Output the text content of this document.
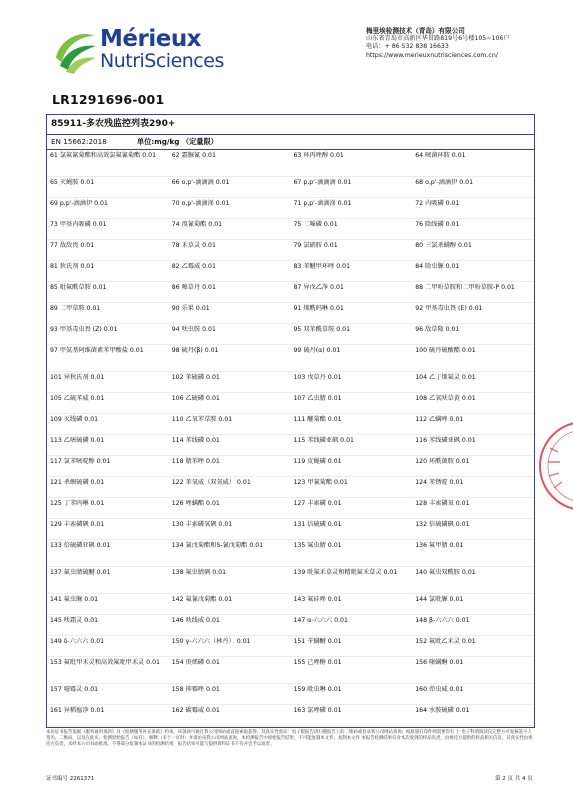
Mérieux
NutriSciences
梅里埃检测技术（青岛）有限公司
山东省青岛市高新区华贯路819号6号楼105~106户
电话：+ 86 532 838 16633
https://www.merieuxnutrisciences.com.cn/
LR1291696-001
85911-多农残监控列表290+
EN 15662:2018	单位:mg/kg （定量限）
61 氯氟氰菊酯和高效氯氟氰菊酯 0.01	62 霜脲氰 0.01	63 环丙唑醇 0.01	64 嘧菌环胺 0.01
65 灭蝇胺 0.01	66 o,p'-滴滴滴 0.01	67 p,p'-滴滴滴 0.01	68 o,p'-滴滴伊 0.01
69 p,p'-滴滴伊 0.01	70 o,p'-滴滴涕 0.01	71 p,p'-滴滴涕 0.01	72 内吸磷 0.01
73 甲基内吸磷 0.01	74 溴氰菊酯 0.01	75 二嗪磷 0.01	76 除线磷 0.01
77 敌敌畏 0.01	78 禾草灵 0.01	79 氯硝胺 0.01	80 三氯杀螨醇 0.01
81 狄氏剂 0.01	82 乙霉威 0.01	83 苯醚甲环唑 0.01	84 除虫脲 0.01
85 吡氟酰草胺 0.01	86 噻草丹 0.01	87 异戊乙净 0.01	88 二甲吩草胺和二甲吩草胺-P 0.01
89 二甲草胺 0.01	90 乐果 0.01	91 烯酰吗啉 0.01	92 甲基毒虫畏 (E) 0.01
93 甲基毒虫畏 (Z) 0.01	94 呋虫胺 0.01	95 双苯酰草胺 0.01	96 敌草隆 0.01
97 甲氨基阿维菌素苯甲酸盐 0.01	98 硫丹(β) 0.01	99 硫丹(α) 0.01	100 硫丹硫酸酯 0.01
101 异狄氏剂 0.01	102 苯硫磷 0.01	103 戊草丹 0.01	104 乙丁烯氟灵 0.01
105 乙硫苯威 0.01	106 乙硫磷 0.01	107 乙虫腈 0.01	108 乙氧呋草黄 0.01
109 灭线磷 0.01	110 乙氧苯草胺 0.01	111 醚菊酯 0.01	112 乙螨唑 0.01
113 乙嘧硫磷 0.01	114 苯线磷 0.01	115 苯线磷亚砜 0.01	116 苯线磷亚砜 0.01
117 氯苯嘧啶醇 0.01	118 腈苯唑 0.01	119 皮蝇磷 0.01	120 环酰菌胺 0.01
121 杀螟硫磷 0.01	122 苯氧威（双氧威） 0.01	123 甲氰菊酯 0.01	124 苯锈啶 0.01
125 丁苯吗啉 0.01	126 唑螨酯 0.01	127 丰索磷 0.01	128 丰索磷氧 0.01
129 丰索磷砜 0.01	130 丰索磷氧砜 0.01	131 倍硫磷 0.01	132 倍硫磷砜 0.01
133 倍硫磷亚砜 0.01	134 氰戊菊酯和S-氰戊菊酯 0.01	135 氟虫腈 0.01	136 氟甲腈 0.01
137 氟虫腈硫醚 0.01	138 氟虫腈砜 0.01	139 吡氟禾草灵和精吡氟禾草灵 0.01	140 氟虫双酰胺 0.01
141 氟虫脲 0.01	142 氟氰戊菊酯 0.01	143 氟硅唑 0.01	144 氯吡脲 0.01
145 呋霜灵 0.01	146 呋线威 0.01	147 α-六六六 0.01	148 β-六六六 0.01
149 δ-六六六 0.01	150 γ-六六六（林丹） 0.01	151 苄螨醚 0.01	152 氟吡乙禾灵 0.01
153 氟吡甲禾灵和高效氟吡甲禾灵 0.01	154 庚烯磷 0.01	155 己唑醇 0.01	156 噻螨酮 0.01
157 噁霉灵 0.01	158 抑霉唑 0.01	159 吡虫啉 0.01	160 茚虫威 0.01
161 异稻瘟净 0.01	162 碳霉威 0.01	163 氯唑磷 0.01	164 水胺硫磷 0.01

本份证书报告依据《服务通用条款》及《检测服务补充条款》约束，该条款可通过我公司网站或直接索取获得。其真实性验证：电子版报告请扫描报告上的二维码或登录我公司网站查询；纸质版打印件则需要印有 上 电子科明阅读仪完整方可复核签字人签名、二维码，以及在此页。检测原始报告（如有）、解释（多于一页时）并请访问我公司网站查询，本检测报告中原始报告结果，不可能复制本文件。复制本文件 本报告检测结果仅对本次收到的样品负责，由委托方提供的样品相关信息，其真实性由委托方负责。未经本公司书面批准，不得部分复制本证书的检测结果，报告结果可能与提供资料证书不符并会予以追责。
证书编号 2261371	第 2 页 共 4 页
